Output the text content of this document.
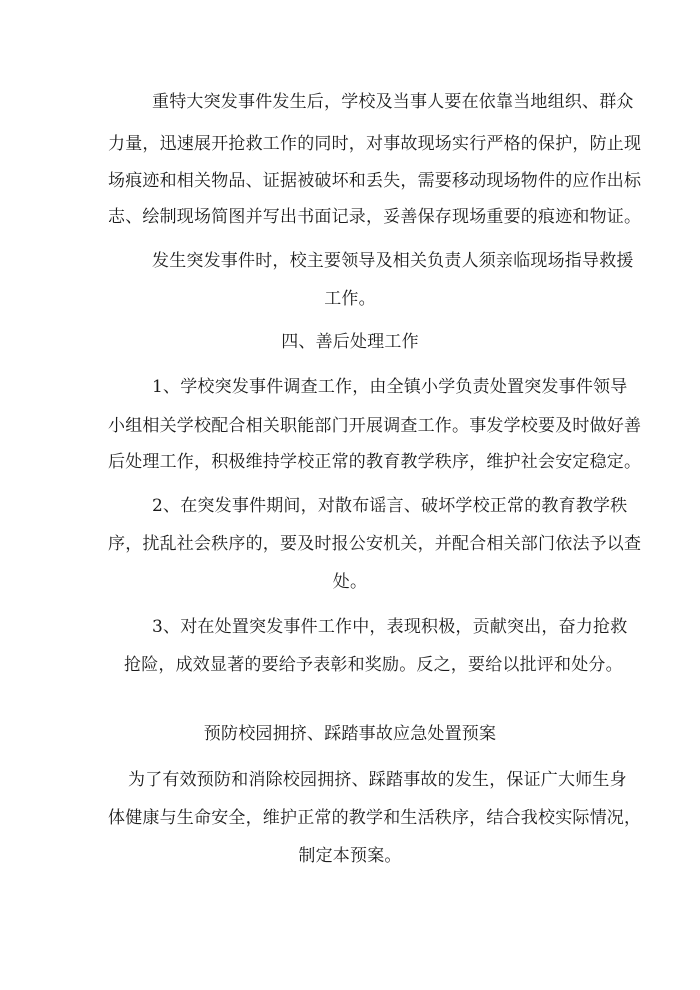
重特大突发事件发生后，学校及当事人要在依靠当地组织、群众
力量，迅速展开抢救工作的同时，对事故现场实行严格的保护，防止现
场痕迹和相关物品、证据被破坏和丢失，需要移动现场物件的应作出标
志、绘制现场简图并写出书面记录，妥善保存现场重要的痕迹和物证。
发生突发事件时，校主要领导及相关负责人须亲临现场指导救援
工作。
四、善后处理工作
1、学校突发事件调查工作，由全镇小学负责处置突发事件领导
小组相关学校配合相关职能部门开展调查工作。事发学校要及时做好善
后处理工作，积极维持学校正常的教育教学秩序，维护社会安定稳定。
2、在突发事件期间，对散布谣言、破坏学校正常的教育教学秩
序，扰乱社会秩序的，要及时报公安机关，并配合相关部门依法予以查
处。
3、对在处置突发事件工作中，表现积极，贡献突出，奋力抢救
抢险，成效显著的要给予表彰和奖励。反之，要给以批评和处分。
预防校园拥挤、踩踏事故应急处置预案
为了有效预防和消除校园拥挤、踩踏事故的发生，保证广大师生身
体健康与生命安全，维护正常的教学和生活秩序，结合我校实际情况，
制定本预案。
